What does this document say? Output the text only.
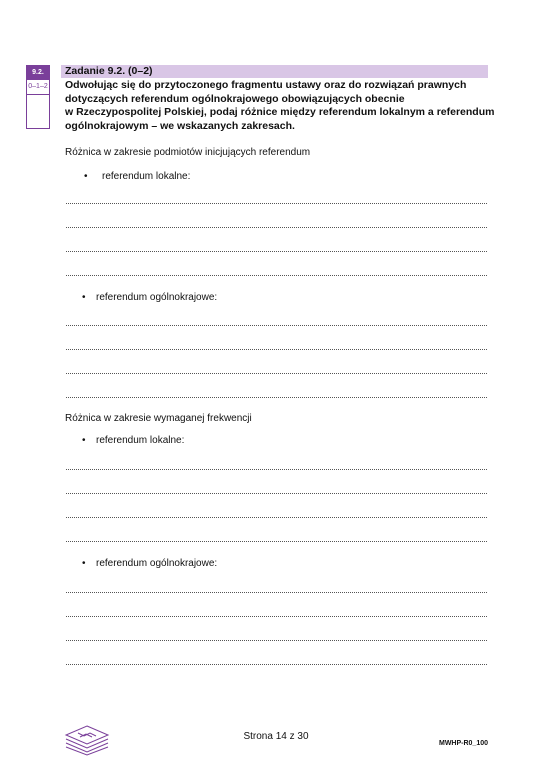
9.2.
0–1–2
Zadanie 9.2. (0–2)
Odwołując się do przytoczonego fragmentu ustawy oraz do rozwiązań prawnych
dotyczących referendum ogólnokrajowego obowiązujących obecnie
w Rzeczypospolitej Polskiej, podaj różnice między referendum lokalnym a referendum
ogólnokrajowym – we wskazanych zakresach.
Różnica w zakresie podmiotów inicjujących referendum
• referendum lokalne:
• referendum ogólnokrajowe:
Różnica w zakresie wymaganej frekwencji
• referendum lokalne:
• referendum ogólnokrajowe:
Strona 14 z 30
MWHP-R0_100
